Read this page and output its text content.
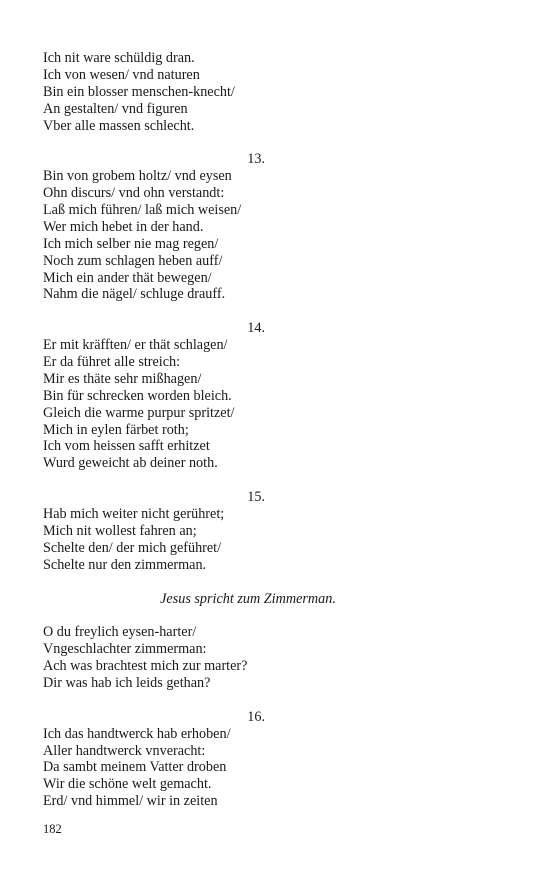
Ich nit ware schüldig dran.
Ich von wesen/ vnd naturen
Bin ein blosser menschen-knecht/
An gestalten/ vnd figuren
Vber alle massen schlecht.
13.
Bin von grobem holtz/ vnd eysen
Ohn discurs/ vnd ohn verstandt:
Laß mich führen/ laß mich weisen/
Wer mich hebet in der hand.
Ich mich selber nie mag regen/
Noch zum schlagen heben auff/
Mich ein ander thät bewegen/
Nahm die nägel/ schluge drauff.
14.
Er mit kräfften/ er thät schlagen/
Er da führet alle streich:
Mir es thäte sehr mißhagen/
Bin für schrecken worden bleich.
Gleich die warme purpur spritzet/
Mich in eylen färbet roth;
Ich vom heissen safft erhitzet
Wurd geweicht ab deiner noth.
15.
Hab mich weiter nicht gerühret;
Mich nit wollest fahren an;
Schelte den/ der mich geführet/
Schelte nur den zimmerman.
Jesus spricht zum Zimmerman.
O du freylich eysen-harter/
Vngeschlachter zimmerman:
Ach was brachtest mich zur marter?
Dir was hab ich leids gethan?
16.
Ich das handtwerck hab erhoben/
Aller handtwerck vnveracht:
Da sambt meinem Vatter droben
Wir die schöne welt gemacht.
Erd/ vnd himmel/ wir in zeiten
182
